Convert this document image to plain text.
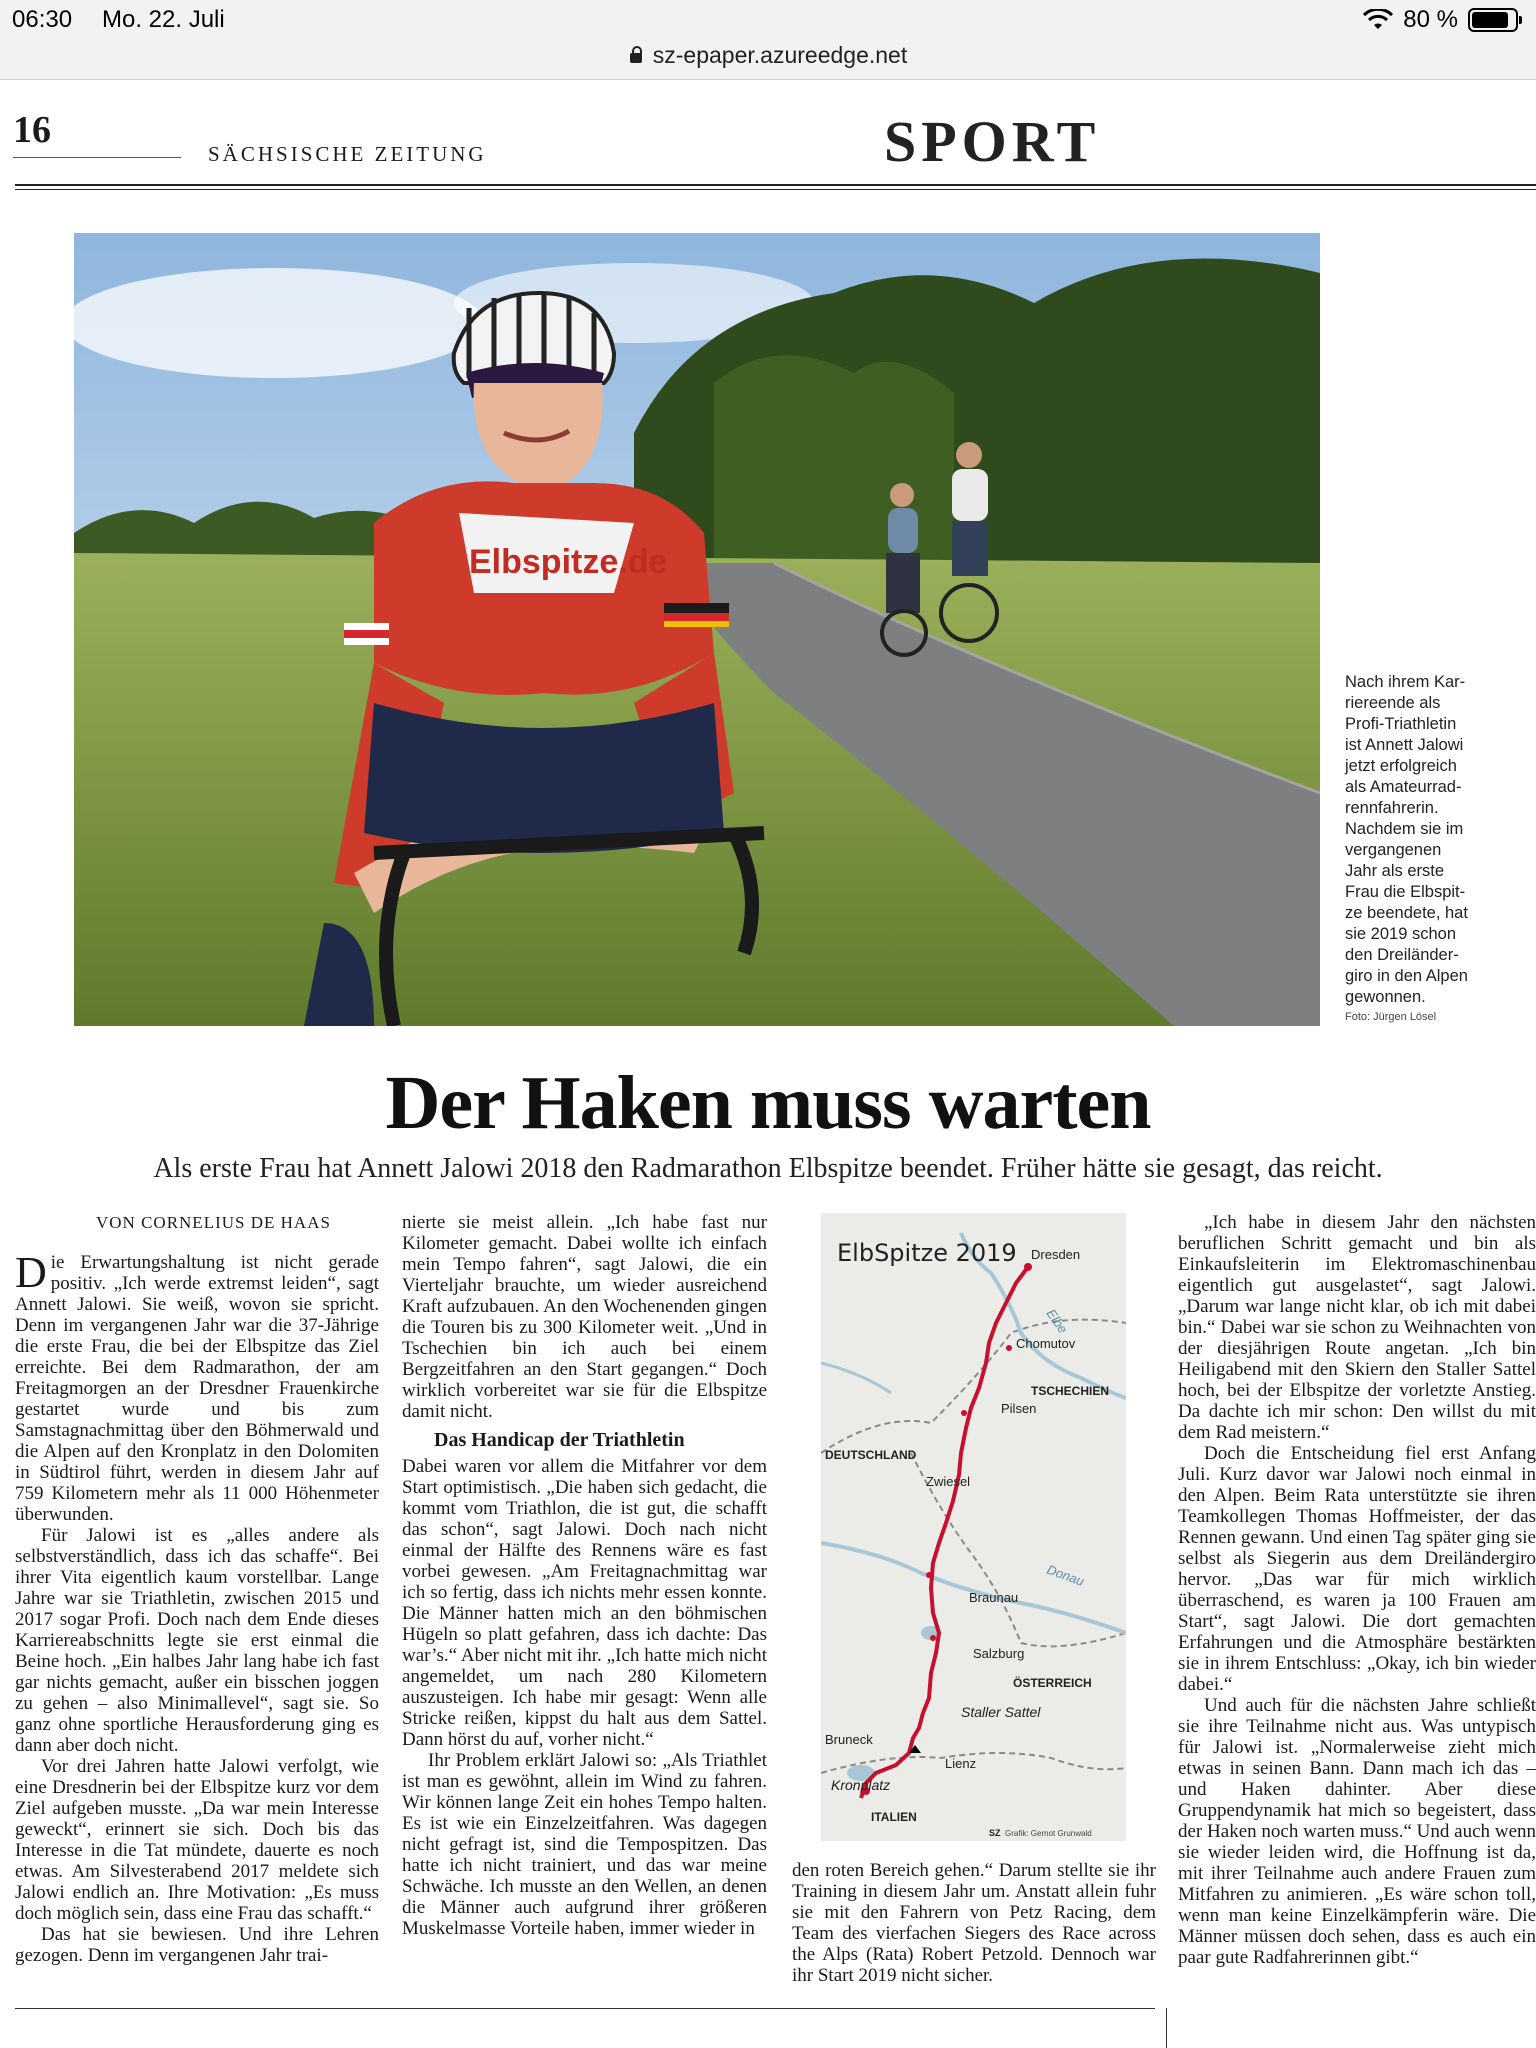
06:30 Mo. 22. Juli	80 %
sz-epaper.azureedge.net
16
SÄCHSISCHE ZEITUNG	SPORT
Elbspitze.de
Nach ihrem Kar-
riereende als
Profi-Triathletin
ist Annett Jalowi
jetzt erfolgreich
als Amateurrad-
rennfahrerin.
Nachdem sie im
vergangenen
Jahr als erste
Frau die Elbspit-
ze beendete, hat
sie 2019 schon
den Dreiländer-
giro in den Alpen
gewonnen.
Foto: Jürgen Lösel
Der Haken muss warten
Als erste Frau hat Annett Jalowi 2018 den Radmarathon Elbspitze beendet. Früher hätte sie gesagt, das reicht.
VON CORNELIUS DE HAAS

Die Erwartungshaltung ist nicht gerade positiv. „Ich werde extremst leiden“, sagt Annett Jalowi. Sie weiß, wovon sie spricht. Denn im vergangenen Jahr war die 37-Jährige die erste Frau, die bei der Elbspitze das Ziel erreichte. Bei dem Radmarathon, der am Freitagmorgen an der Dresdner Frauenkirche gestartet wurde und bis zum Samstagnachmittag über den Böhmerwald und die Alpen auf den Kronplatz in den Dolomiten in Südtirol führt, werden in diesem Jahr auf 759 Kilometern mehr als 11 000 Höhenmeter überwunden.

Für Jalowi ist es „alles andere als selbstverständlich, dass ich das schaffe“. Bei ihrer Vita eigentlich kaum vorstellbar. Lange Jahre war sie Triathletin, zwischen 2015 und 2017 sogar Profi. Doch nach dem Ende dieses Karriereabschnitts legte sie erst einmal die Beine hoch. „Ein halbes Jahr lang habe ich fast gar nichts gemacht, außer ein bisschen joggen zu gehen – also Minimallevel“, sagt sie. So ganz ohne sportliche Herausforderung ging es dann aber doch nicht.

Vor drei Jahren hatte Jalowi verfolgt, wie eine Dresdnerin bei der Elbspitze kurz vor dem Ziel aufgeben musste. „Da war mein Interesse geweckt“, erinnert sie sich. Doch bis das Interesse in die Tat mündete, dauerte es noch etwas. Am Silvesterabend 2017 meldete sich Jalowi endlich an. Ihre Motivation: „Es muss doch möglich sein, dass eine Frau das schafft.“

Das hat sie bewiesen. Und ihre Lehren gezogen. Denn im vergangenen Jahr trai-

nierte sie meist allein. „Ich habe fast nur Kilometer gemacht. Dabei wollte ich einfach mein Tempo fahren“, sagt Jalowi, die ein Vierteljahr brauchte, um wieder ausreichend Kraft aufzubauen. An den Wochenenden gingen die Touren bis zu 300 Kilometer weit. „Und in Tschechien bin ich auch bei einem Bergzeitfahren an den Start gegangen.“ Doch wirklich vorbereitet war sie für die Elbspitze damit nicht.

Das Handicap der Triathletin

Dabei waren vor allem die Mitfahrer vor dem Start optimistisch. „Die haben sich gedacht, die kommt vom Triathlon, die ist gut, die schafft das schon“, sagt Jalowi. Doch nach nicht einmal der Hälfte des Rennens wäre es fast vorbei gewesen. „Am Freitagnachmittag war ich so fertig, dass ich nichts mehr essen konnte. Die Männer hatten mich an den böhmischen Hügeln so platt gefahren, dass ich dachte: Das war’s.“ Aber nicht mit ihr. „Ich hatte mich nicht angemeldet, um nach 280 Kilometern auszusteigen. Ich habe mir gesagt: Wenn alle Stricke reißen, kippst du halt aus dem Sattel. Dann hörst du auf, vorher nicht.“

Ihr Problem erklärt Jalowi so: „Als Triathlet ist man es gewöhnt, allein im Wind zu fahren. Wir können lange Zeit ein hohes Tempo halten. Es ist wie ein Einzelzeitfahren. Was dagegen nicht gefragt ist, sind die Tempospitzen. Das hatte ich nicht trainiert, und das war meine Schwäche. Ich musste an den Wellen, an denen die Männer auch aufgrund ihrer größeren Muskelmasse Vorteile haben, immer wieder in

ElbSpitze 2019 Dresden
Chomutov
TSCHECHIEN
Pilsen
DEUTSCHLAND
Zwiesel
Elbe
Donau
Braunau
Salzburg
ÖSTERREICH
Staller Sattel
Bruneck
Lienz
Kronplatz
ITALIEN
SZ Grafik: Gernot Grunwald

den roten Bereich gehen.“ Darum stellte sie ihr Training in diesem Jahr um. Anstatt allein fuhr sie mit den Fahrern von Petz Racing, dem Team des vierfachen Siegers des Race across the Alps (Rata) Robert Petzold. Dennoch war ihr Start 2019 nicht sicher.

„Ich habe in diesem Jahr den nächsten beruflichen Schritt gemacht und bin als Einkaufsleiterin im Elektromaschinenbau eigentlich gut ausgelastet“, sagt Jalowi. „Darum war lange nicht klar, ob ich mit dabei bin.“ Dabei war sie schon zu Weihnachten von der diesjährigen Route angetan. „Ich bin Heiligabend mit den Skiern den Staller Sattel hoch, bei der Elbspitze der vorletzte Anstieg. Da dachte ich mir schon: Den willst du mit dem Rad meistern.“

Doch die Entscheidung fiel erst Anfang Juli. Kurz davor war Jalowi noch einmal in den Alpen. Beim Rata unterstützte sie ihren Teamkollegen Thomas Hoffmeister, der das Rennen gewann. Und einen Tag später ging sie selbst als Siegerin aus dem Dreiländergiro hervor. „Das war für mich wirklich überraschend, es waren ja 100 Frauen am Start“, sagt Jalowi. Die dort gemachten Erfahrungen und die Atmosphäre bestärkten sie in ihrem Entschluss: „Okay, ich bin wieder dabei.“

Und auch für die nächsten Jahre schließt sie ihre Teilnahme nicht aus. Was untypisch für Jalowi ist. „Normalerweise zieht mich etwas in seinen Bann. Dann mach ich das – und Haken dahinter. Aber diese Gruppendynamik hat mich so begeistert, dass der Haken noch warten muss.“ Und auch wenn sie wieder leiden wird, die Hoffnung ist da, mit ihrer Teilnahme auch andere Frauen zum Mitfahren zu animieren. „Es wäre schon toll, wenn man keine Einzelkämpferin wäre. Die Männer müssen doch sehen, dass es auch ein paar gute Radfahrerinnen gibt.“
